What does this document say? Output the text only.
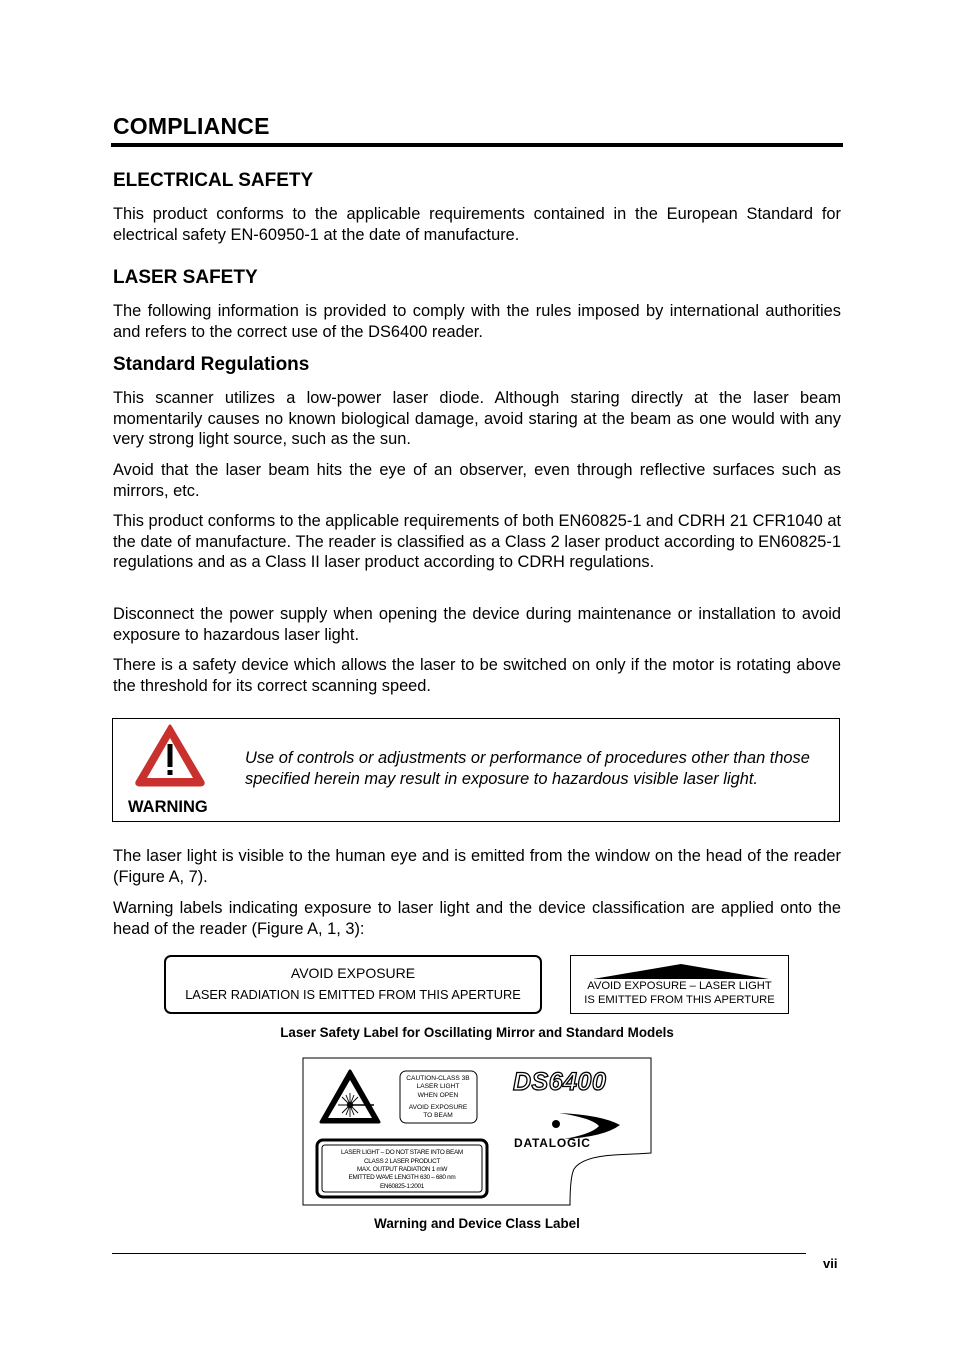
COMPLIANCE
ELECTRICAL SAFETY
This product conforms to the applicable requirements contained in the European Standard for electrical safety EN-60950-1 at the date of manufacture.
LASER SAFETY
The following information is provided to comply with the rules imposed by international authorities and refers to the correct use of the DS6400 reader.
Standard Regulations
This scanner utilizes a low-power laser diode. Although staring directly at the laser beam momentarily causes no known biological damage, avoid staring at the beam as one would with any very strong light source, such as the sun.
Avoid that the laser beam hits the eye of an observer, even through reflective surfaces such as mirrors, etc.
This product conforms to the applicable requirements of both EN60825-1 and CDRH 21 CFR1040 at the date of manufacture. The reader is classified as a Class 2 laser product according to EN60825-1 regulations and as a Class II laser product according to CDRH regulations.
Disconnect the power supply when opening the device during maintenance or installation to avoid exposure to hazardous laser light.
There is a safety device which allows the laser to be switched on only if the motor is rotating above the threshold for its correct scanning speed.
WARNING
Use of controls or adjustments or performance of procedures other than those specified herein may result in exposure to hazardous visible laser light.
The laser light is visible to the human eye and is emitted from the window on the head of the reader (Figure A, 7).
Warning labels indicating exposure to laser light and the device classification are applied onto the head of the reader (Figure A, 1, 3):
AVOID EXPOSURE
LASER RADIATION IS EMITTED FROM THIS APERTURE
AVOID EXPOSURE – LASER LIGHT
IS EMITTED FROM THIS APERTURE
Laser Safety Label for Oscillating Mirror and Standard Models
CAUTION-CLASS 3B
LASER LIGHT
WHEN OPEN
AVOID EXPOSURE
TO BEAM
LASER LIGHT – DO NOT STARE INTO BEAM
CLASS 2 LASER PRODUCT
MAX. OUTPUT RADIATION 1 mW
EMITTED WAVE LENGTH 630 – 680 nm
EN60825-1:2001
DS6400
DATALOGIC
Warning and Device Class Label
vii
